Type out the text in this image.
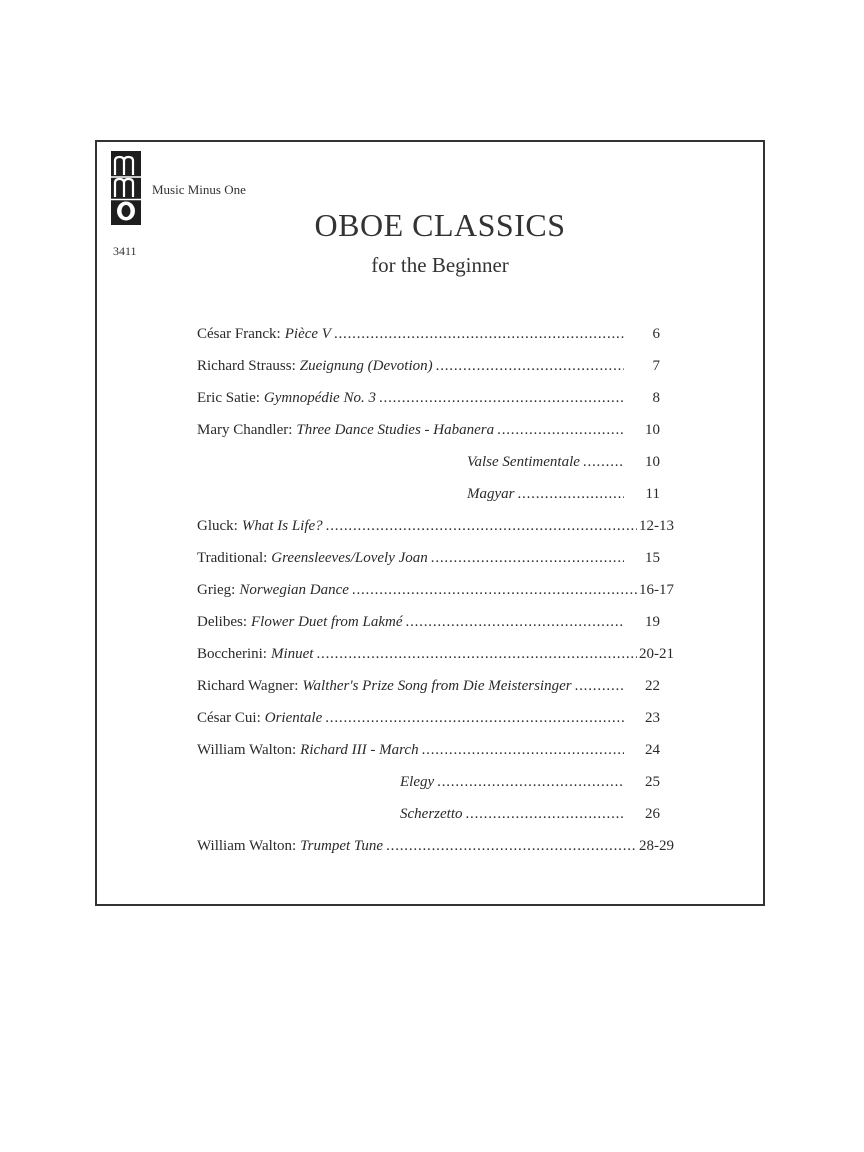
Music Minus One
3411
OBOE CLASSICS
for the Beginner
César Franck: Pièce V .....	6
Richard Strauss: Zueignung (Devotion) .....	7
Eric Satie: Gymnopédie No. 3 .....	8
Mary Chandler: Three Dance Studies - Habanera .....	10
Valse Sentimentale .....	10
Magyar .....	11
Gluck: What Is Life? .....	12-13
Traditional: Greensleeves/Lovely Joan .....	15
Grieg: Norwegian Dance .....	16-17
Delibes: Flower Duet from Lakmé .....	19
Boccherini: Minuet .....	20-21
Richard Wagner: Walther's Prize Song from Die Meistersinger .....	22
César Cui: Orientale .....	23
William Walton: Richard III - March .....	24
Elegy .....	25
Scherzetto .....	26
William Walton: Trumpet Tune .....	28-29
